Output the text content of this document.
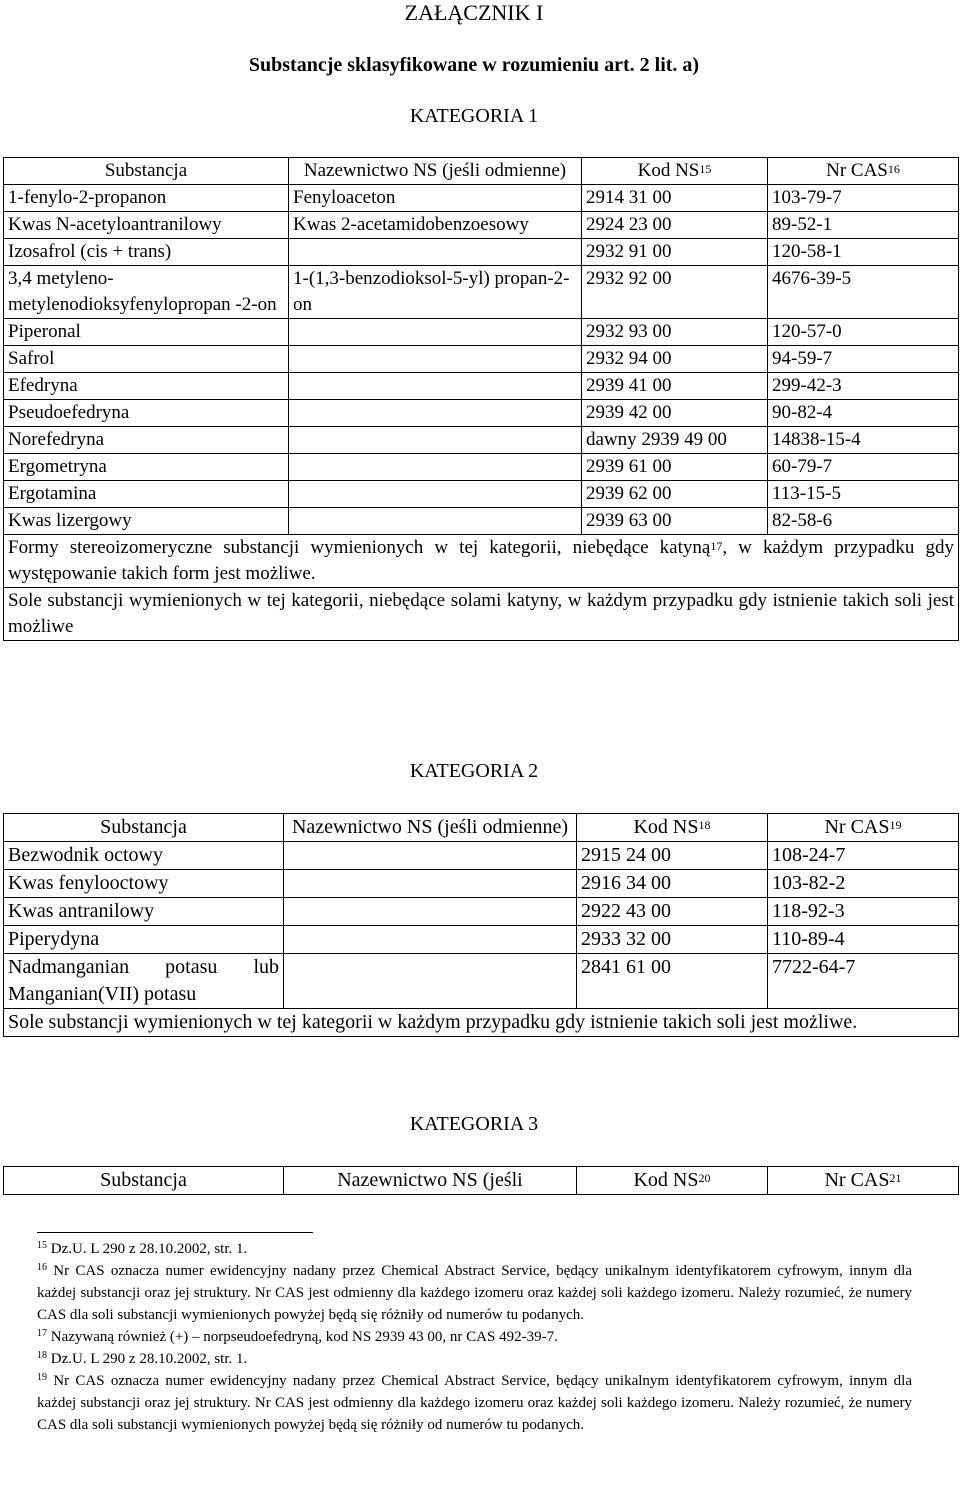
ZAŁĄCZNIK I
Substancje sklasyfikowane w rozumieniu art. 2 lit. a)
KATEGORIA 1
Substancja	Nazewnictwo NS (jeśli odmienne)	Kod NS$^{15}$	Nr CAS$^{16}$
1-fenylo-2-propanon	Fenyloaceton	2914 31 00	103-79-7
Kwas N-acetyloantranilowy	Kwas 2-acetamidobenzoesowy	2924 23 00	89-52-1
Izosafrol (cis + trans)		2932 91 00	120-58-1
3,4 metyleno-metylenodioksyfenylopropan -2-on	1-(1,3-benzodioksol-5-yl) propan-2-on	2932 92 00	4676-39-5
Piperonal		2932 93 00	120-57-0
Safrol		2932 94 00	94-59-7
Efedryna		2939 41 00	299-42-3
Pseudoefedryna		2939 42 00	90-82-4
Norefedryna		dawny 2939 49 00	14838-15-4
Ergometryna		2939 61 00	60-79-7
Ergotamina		2939 62 00	113-15-5
Kwas lizergowy		2939 63 00	82-58-6
Formy stereoizomeryczne substancji wymienionych w tej kategorii, niebędące katyną$^{17}$, w każdym przypadku gdy występowanie takich form jest możliwe.			
Sole substancji wymienionych w tej kategorii, niebędące solami katyny, w każdym przypadku gdy istnienie takich soli jest możliwe			
KATEGORIA 2
Substancja	Nazewnictwo NS (jeśli odmienne)	Kod NS$^{18}$	Nr CAS$^{19}$
Bezwodnik octowy		2915 24 00	108-24-7
Kwas fenylooctowy		2916 34 00	103-82-2
Kwas antranilowy		2922 43 00	118-92-3
Piperydyna		2933 32 00	110-89-4
Nadmanganian potasu lub Manganian(VII) potasu		2841 61 00	7722-64-7
Sole substancji wymienionych w tej kategorii w każdym przypadku gdy istnienie takich soli jest możliwe.			
KATEGORIA 3
Substancja	Nazewnictwo NS (jeśli	Kod NS$^{20}$	Nr CAS$^{21}$

$^{15}$ Dz.U. L 290 z 28.10.2002, str. 1.

$^{16}$ Nr CAS oznacza numer ewidencyjny nadany przez Chemical Abstract Service, będący unikalnym identyfikatorem cyfrowym, innym dla każdej substancji oraz jej struktury. Nr CAS jest odmienny dla każdego izomeru oraz każdej soli każdego izomeru. Należy rozumieć, że numery CAS dla soli substancji wymienionych powyżej będą się różniły od numerów tu podanych.

$^{17}$ Nazywaną również (+) – norpseudoefedryną, kod NS 2939 43 00, nr CAS 492-39-7.

$^{18}$ Dz.U. L 290 z 28.10.2002, str. 1.

$^{19}$ Nr CAS oznacza numer ewidencyjny nadany przez Chemical Abstract Service, będący unikalnym identyfikatorem cyfrowym, innym dla każdej substancji oraz jej struktury. Nr CAS jest odmienny dla każdego izomeru oraz każdej soli każdego izomeru. Należy rozumieć, że numery CAS dla soli substancji wymienionych powyżej będą się różniły od numerów tu podanych.
